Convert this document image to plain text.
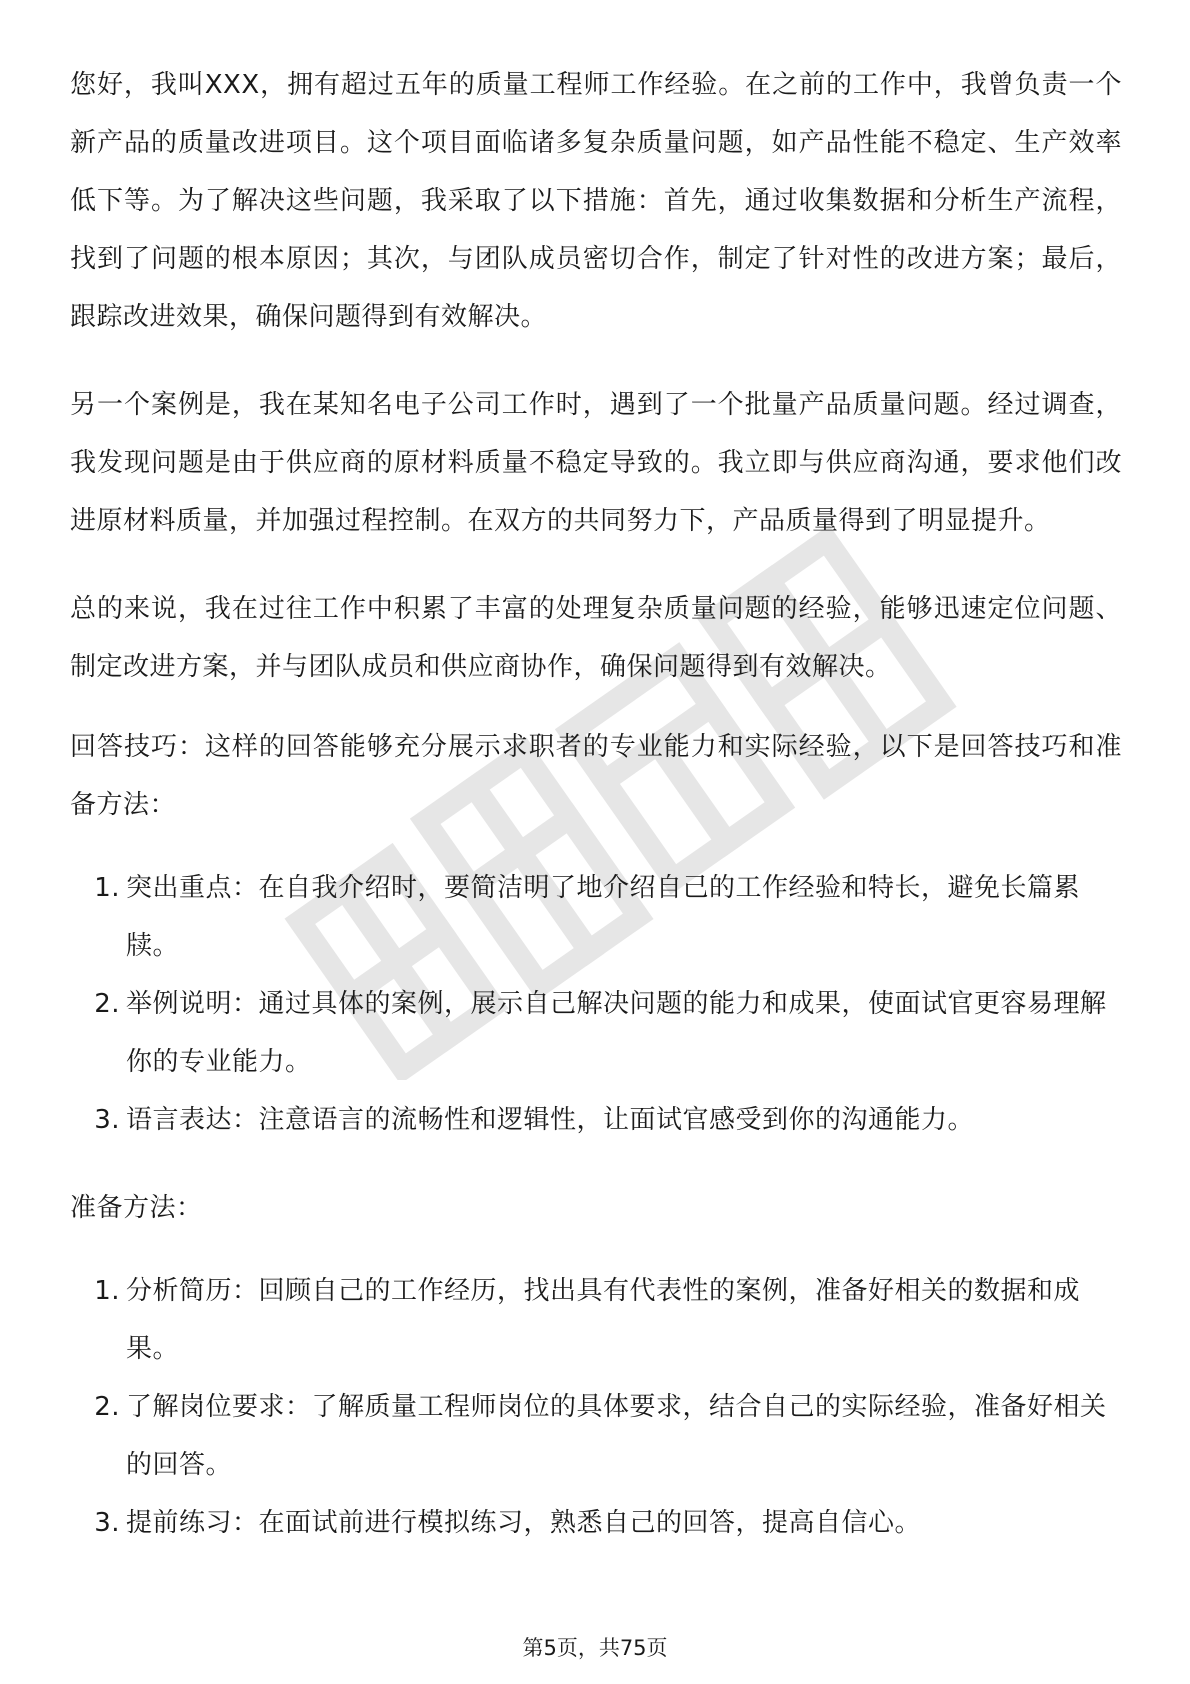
您好，我叫XXX，拥有超过五年的质量工程师工作经验。在之前的工作中，我曾负责一个新产品的质量改进项目。这个项目面临诸多复杂质量问题，如产品性能不稳定、生产效率低下等。为了解决这些问题，我采取了以下措施：首先，通过收集数据和分析生产流程，找到了问题的根本原因；其次，与团队成员密切合作，制定了针对性的改进方案；最后，跟踪改进效果，确保问题得到有效解决。

另一个案例是，我在某知名电子公司工作时，遇到了一个批量产品质量问题。经过调查，我发现问题是由于供应商的原材料质量不稳定导致的。我立即与供应商沟通，要求他们改进原材料质量，并加强过程控制。在双方的共同努力下，产品质量得到了明显提升。

总的来说，我在过往工作中积累了丰富的处理复杂质量问题的经验，能够迅速定位问题、制定改进方案，并与团队成员和供应商协作，确保问题得到有效解决。

回答技巧：这样的回答能够充分展示求职者的专业能力和实际经验，以下是回答技巧和准备方法：

1. 突出重点：在自我介绍时，要简洁明了地介绍自己的工作经验和特长，避免长篇累牍。
2. 举例说明：通过具体的案例，展示自己解决问题的能力和成果，使面试官更容易理解你的专业能力。
3. 语言表达：注意语言的流畅性和逻辑性，让面试官感受到你的沟通能力。

准备方法：

1. 分析简历：回顾自己的工作经历，找出具有代表性的案例，准备好相关的数据和成果。
2. 了解岗位要求：了解质量工程师岗位的具体要求，结合自己的实际经验，准备好相关的回答。
3. 提前练习：在面试前进行模拟练习，熟悉自己的回答，提高自信心。
第5页，共75页
